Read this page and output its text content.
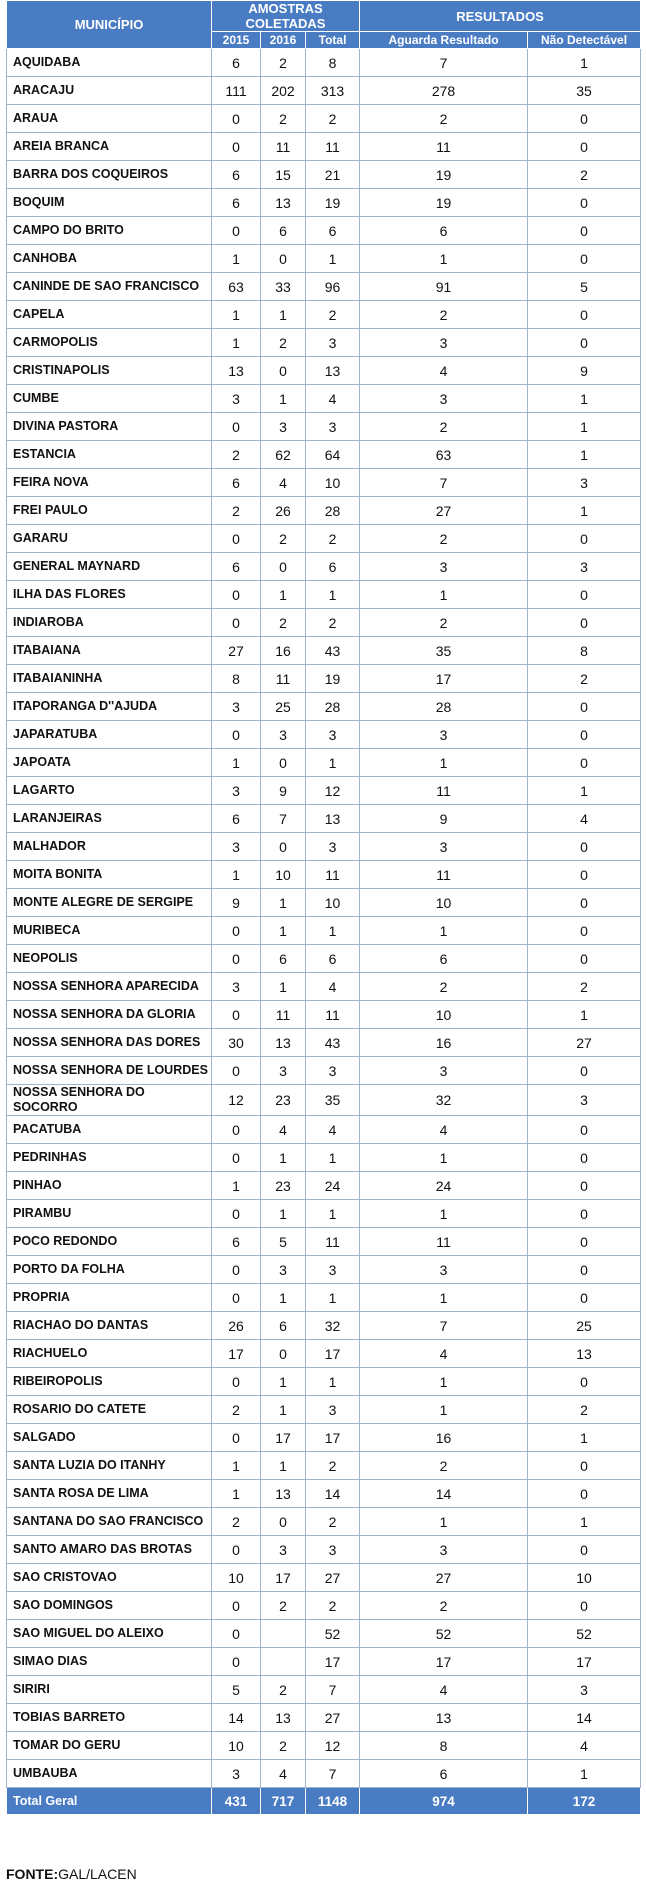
MUNICÍPIO	AMOSTRAS COLETADAS			RESULTADOS	
	2015	2016	Total	Aguarda Resultado	Não Detectável
AQUIDABA	6	2	8	7	1
ARACAJU	111	202	313	278	35
ARAUA	0	2	2	2	0
AREIA BRANCA	0	11	11	11	0
BARRA DOS COQUEIROS	6	15	21	19	2
BOQUIM	6	13	19	19	0
CAMPO DO BRITO	0	6	6	6	0
CANHOBA	1	0	1	1	0
CANINDE DE SAO FRANCISCO	63	33	96	91	5
CAPELA	1	1	2	2	0
CARMOPOLIS	1	2	3	3	0
CRISTINAPOLIS	13	0	13	4	9
CUMBE	3	1	4	3	1
DIVINA PASTORA	0	3	3	2	1
ESTANCIA	2	62	64	63	1
FEIRA NOVA	6	4	10	7	3
FREI PAULO	2	26	28	27	1
GARARU	0	2	2	2	0
GENERAL MAYNARD	6	0	6	3	3
ILHA DAS FLORES	0	1	1	1	0
INDIAROBA	0	2	2	2	0
ITABAIANA	27	16	43	35	8
ITABAIANINHA	8	11	19	17	2
ITAPORANGA D''AJUDA	3	25	28	28	0
JAPARATUBA	0	3	3	3	0
JAPOATA	1	0	1	1	0
LAGARTO	3	9	12	11	1
LARANJEIRAS	6	7	13	9	4
MALHADOR	3	0	3	3	0
MOITA BONITA	1	10	11	11	0
MONTE ALEGRE DE SERGIPE	9	1	10	10	0
MURIBECA	0	1	1	1	0
NEOPOLIS	0	6	6	6	0
NOSSA SENHORA APARECIDA	3	1	4	2	2
NOSSA SENHORA DA GLORIA	0	11	11	10	1
NOSSA SENHORA DAS DORES	30	13	43	16	27
NOSSA SENHORA DE LOURDES	0	3	3	3	0
NOSSA SENHORA DO SOCORRO	12	23	35	32	3
PACATUBA	0	4	4	4	0
PEDRINHAS	0	1	1	1	0
PINHAO	1	23	24	24	0
PIRAMBU	0	1	1	1	0
POCO REDONDO	6	5	11	11	0
PORTO DA FOLHA	0	3	3	3	0
PROPRIA	0	1	1	1	0
RIACHAO DO DANTAS	26	6	32	7	25
RIACHUELO	17	0	17	4	13
RIBEIROPOLIS	0	1	1	1	0
ROSARIO DO CATETE	2	1	3	1	2
SALGADO	0	17	17	16	1
SANTA LUZIA DO ITANHY	1	1	2	2	0
SANTA ROSA DE LIMA	1	13	14	14	0
SANTANA DO SAO FRANCISCO	2	0	2	1	1
SANTO AMARO DAS BROTAS	0	3	3	3	0
SAO CRISTOVAO	10	17	27	27	10
SAO DOMINGOS	0	2	2	2	0
SAO MIGUEL DO ALEIXO	0		52	52	52
SIMAO DIAS	0		17	17	17
SIRIRI	5	2	7	4	3
TOBIAS BARRETO	14	13	27	13	14
TOMAR DO GERU	10	2	12	8	4
UMBAUBA	3	4	7	6	1
Total Geral	431	717	1148	974	172
FONTE:GAL/LACEN
